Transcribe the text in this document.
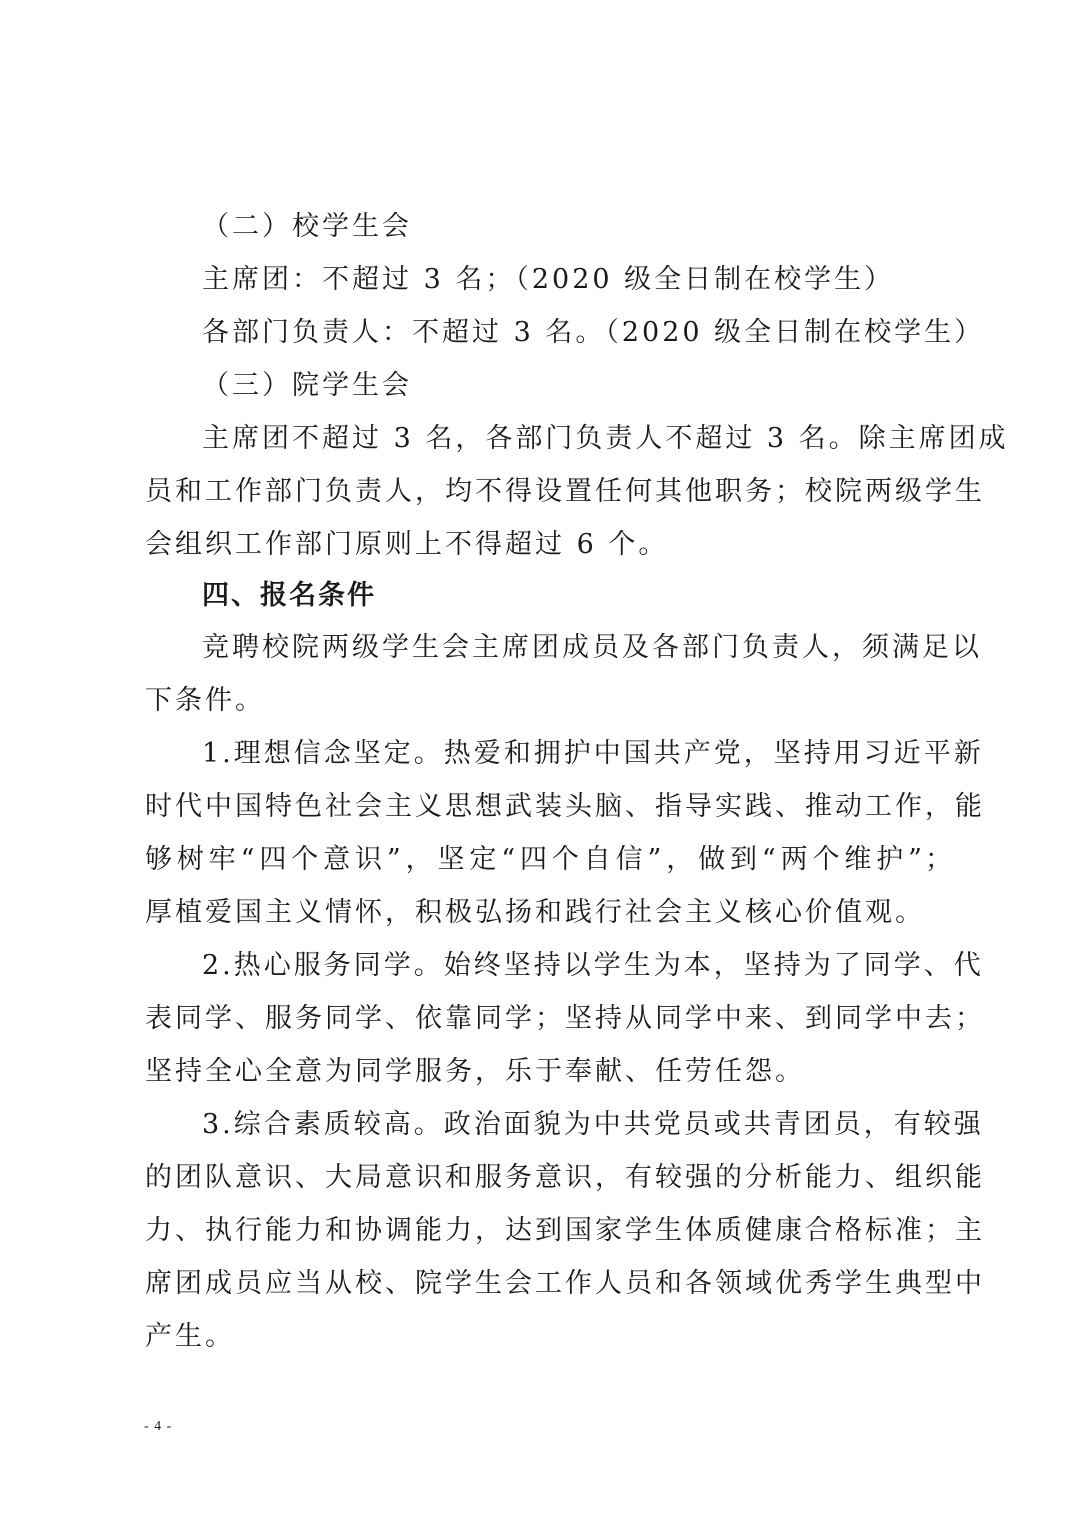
（二）校学生会
主席团：不超过 3 名；（2020 级全日制在校学生）
各部门负责人：不超过 3 名。（2020 级全日制在校学生）
（三）院学生会
主席团不超过 3 名，各部门负责人不超过 3 名。除主席团成
员和工作部门负责人，均不得设置任何其他职务；校院两级学生
会组织工作部门原则上不得超过 6 个。
四、报名条件
竞聘校院两级学生会主席团成员及各部门负责人，须满足以
下条件。
1.理想信念坚定。热爱和拥护中国共产党，坚持用习近平新
时代中国特色社会主义思想武装头脑、指导实践、推动工作，能
够树牢“四个意识”，坚定“四个自信”，做到“两个维护”；
厚植爱国主义情怀，积极弘扬和践行社会主义核心价值观。
2.热心服务同学。始终坚持以学生为本，坚持为了同学、代
表同学、服务同学、依靠同学；坚持从同学中来、到同学中去；
坚持全心全意为同学服务，乐于奉献、任劳任怨。
3.综合素质较高。政治面貌为中共党员或共青团员，有较强
的团队意识、大局意识和服务意识，有较强的分析能力、组织能
力、执行能力和协调能力，达到国家学生体质健康合格标准；主
席团成员应当从校、院学生会工作人员和各领域优秀学生典型中
产生。
- 4 -
